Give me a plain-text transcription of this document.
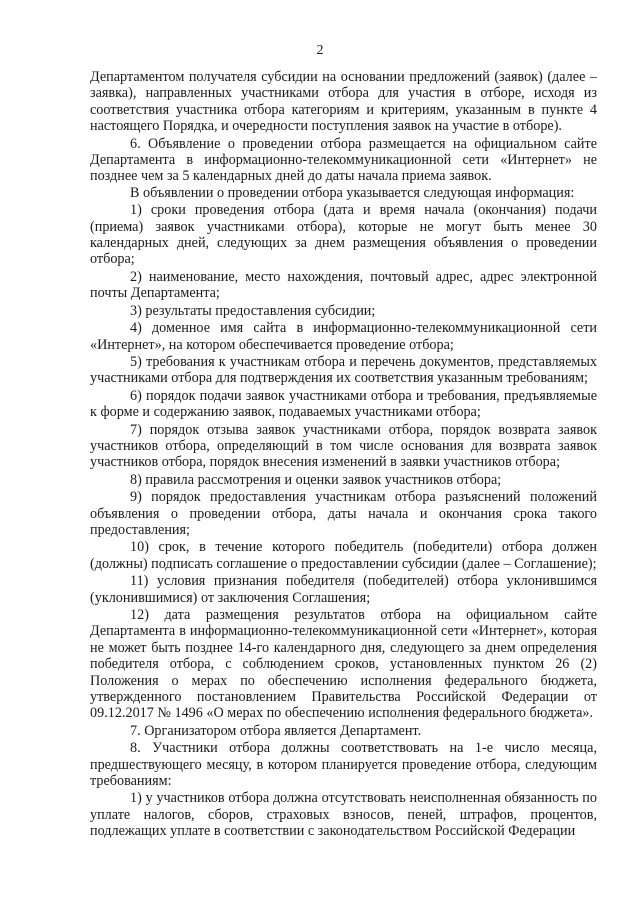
2

Департаментом получателя субсидии на основании предложений (заявок) (далее – заявка), направленных участниками отбора для участия в отборе, исходя из соответствия участника отбора категориям и критериям, указанным в пункте 4 настоящего Порядка, и очередности поступления заявок на участие в отборе).

6. Объявление о проведении отбора размещается на официальном сайте Департамента в информационно-телекоммуникационной сети «Интернет» не позднее чем за 5 календарных дней до даты начала приема заявок.

В объявлении о проведении отбора указывается следующая информация:

1) сроки проведения отбора (дата и время начала (окончания) подачи (приема) заявок участниками отбора), которые не могут быть менее 30 календарных дней, следующих за днем размещения объявления о проведении отбора;

2) наименование, место нахождения, почтовый адрес, адрес электронной почты Департамента;

3) результаты предоставления субсидии;

4) доменное имя сайта в информационно-телекоммуникационной сети «Интернет», на котором обеспечивается проведение отбора;

5) требования к участникам отбора и перечень документов, представляемых участниками отбора для подтверждения их соответствия указанным требованиям;

6) порядок подачи заявок участниками отбора и требования, предъявляемые к форме и содержанию заявок, подаваемых участниками отбора;

7) порядок отзыва заявок участниками отбора, порядок возврата заявок участников отбора, определяющий в том числе основания для возврата заявок участников отбора, порядок внесения изменений в заявки участников отбора;

8) правила рассмотрения и оценки заявок участников отбора;

9) порядок предоставления участникам отбора разъяснений положений объявления о проведении отбора, даты начала и окончания срока такого предоставления;

10) срок, в течение которого победитель (победители) отбора должен (должны) подписать соглашение о предоставлении субсидии (далее – Соглашение);

11) условия признания победителя (победителей) отбора уклонившимся (уклонившимися) от заключения Соглашения;

12) дата размещения результатов отбора на официальном сайте Департамента в информационно-телекоммуникационной сети «Интернет», которая не может быть позднее 14-го календарного дня, следующего за днем определения победителя отбора, с соблюдением сроков, установленных пунктом 26 (2) Положения о мерах по обеспечению исполнения федерального бюджета, утвержденного постановлением Правительства Российской Федерации от 09.12.2017 № 1496 «О мерах по обеспечению исполнения федерального бюджета».

7. Организатором отбора является Департамент.

8. Участники отбора должны соответствовать на 1-е число месяца, предшествующего месяцу, в котором планируется проведение отбора, следующим требованиям:

1) у участников отбора должна отсутствовать неисполненная обязанность по уплате налогов, сборов, страховых взносов, пеней, штрафов, процентов, подлежащих уплате в соответствии с законодательством Российской Федерации
